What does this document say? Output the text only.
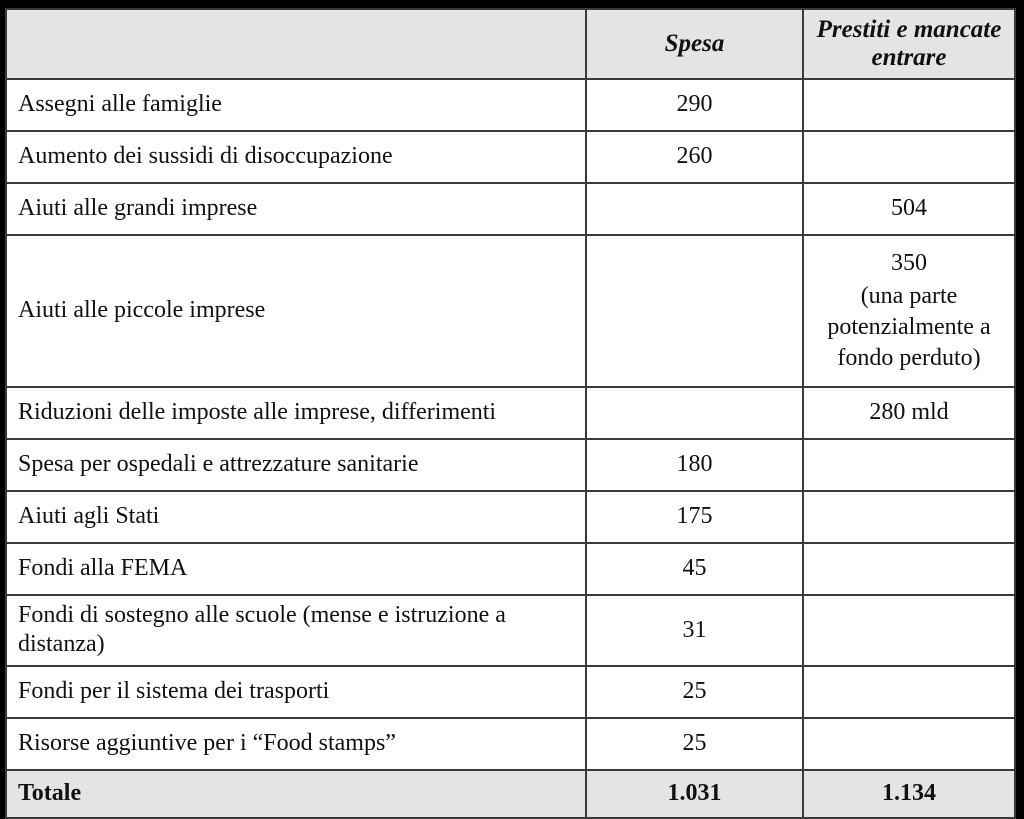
	Spesa	Prestiti e mancate entrare

Assegni alle famiglie	290	

Aumento dei sussidi di disoccupazione	260	

Aiuti alle grandi imprese		504

Aiuti alle piccole imprese		350
(una parte
potenzialmente a
fondo perduto)

Riduzioni delle imposte alle imprese, differimenti		280 mld

Spesa per ospedali e attrezzature sanitarie	180	

Aiuti agli Stati	175	

Fondi alla FEMA	45	

Fondi di sostegno alle scuole (mense e istruzione a distanza)	31	

Fondi per il sistema dei trasporti	25	

Risorse aggiuntive per i “Food stamps”	25	

Totale	1.031	1.134
